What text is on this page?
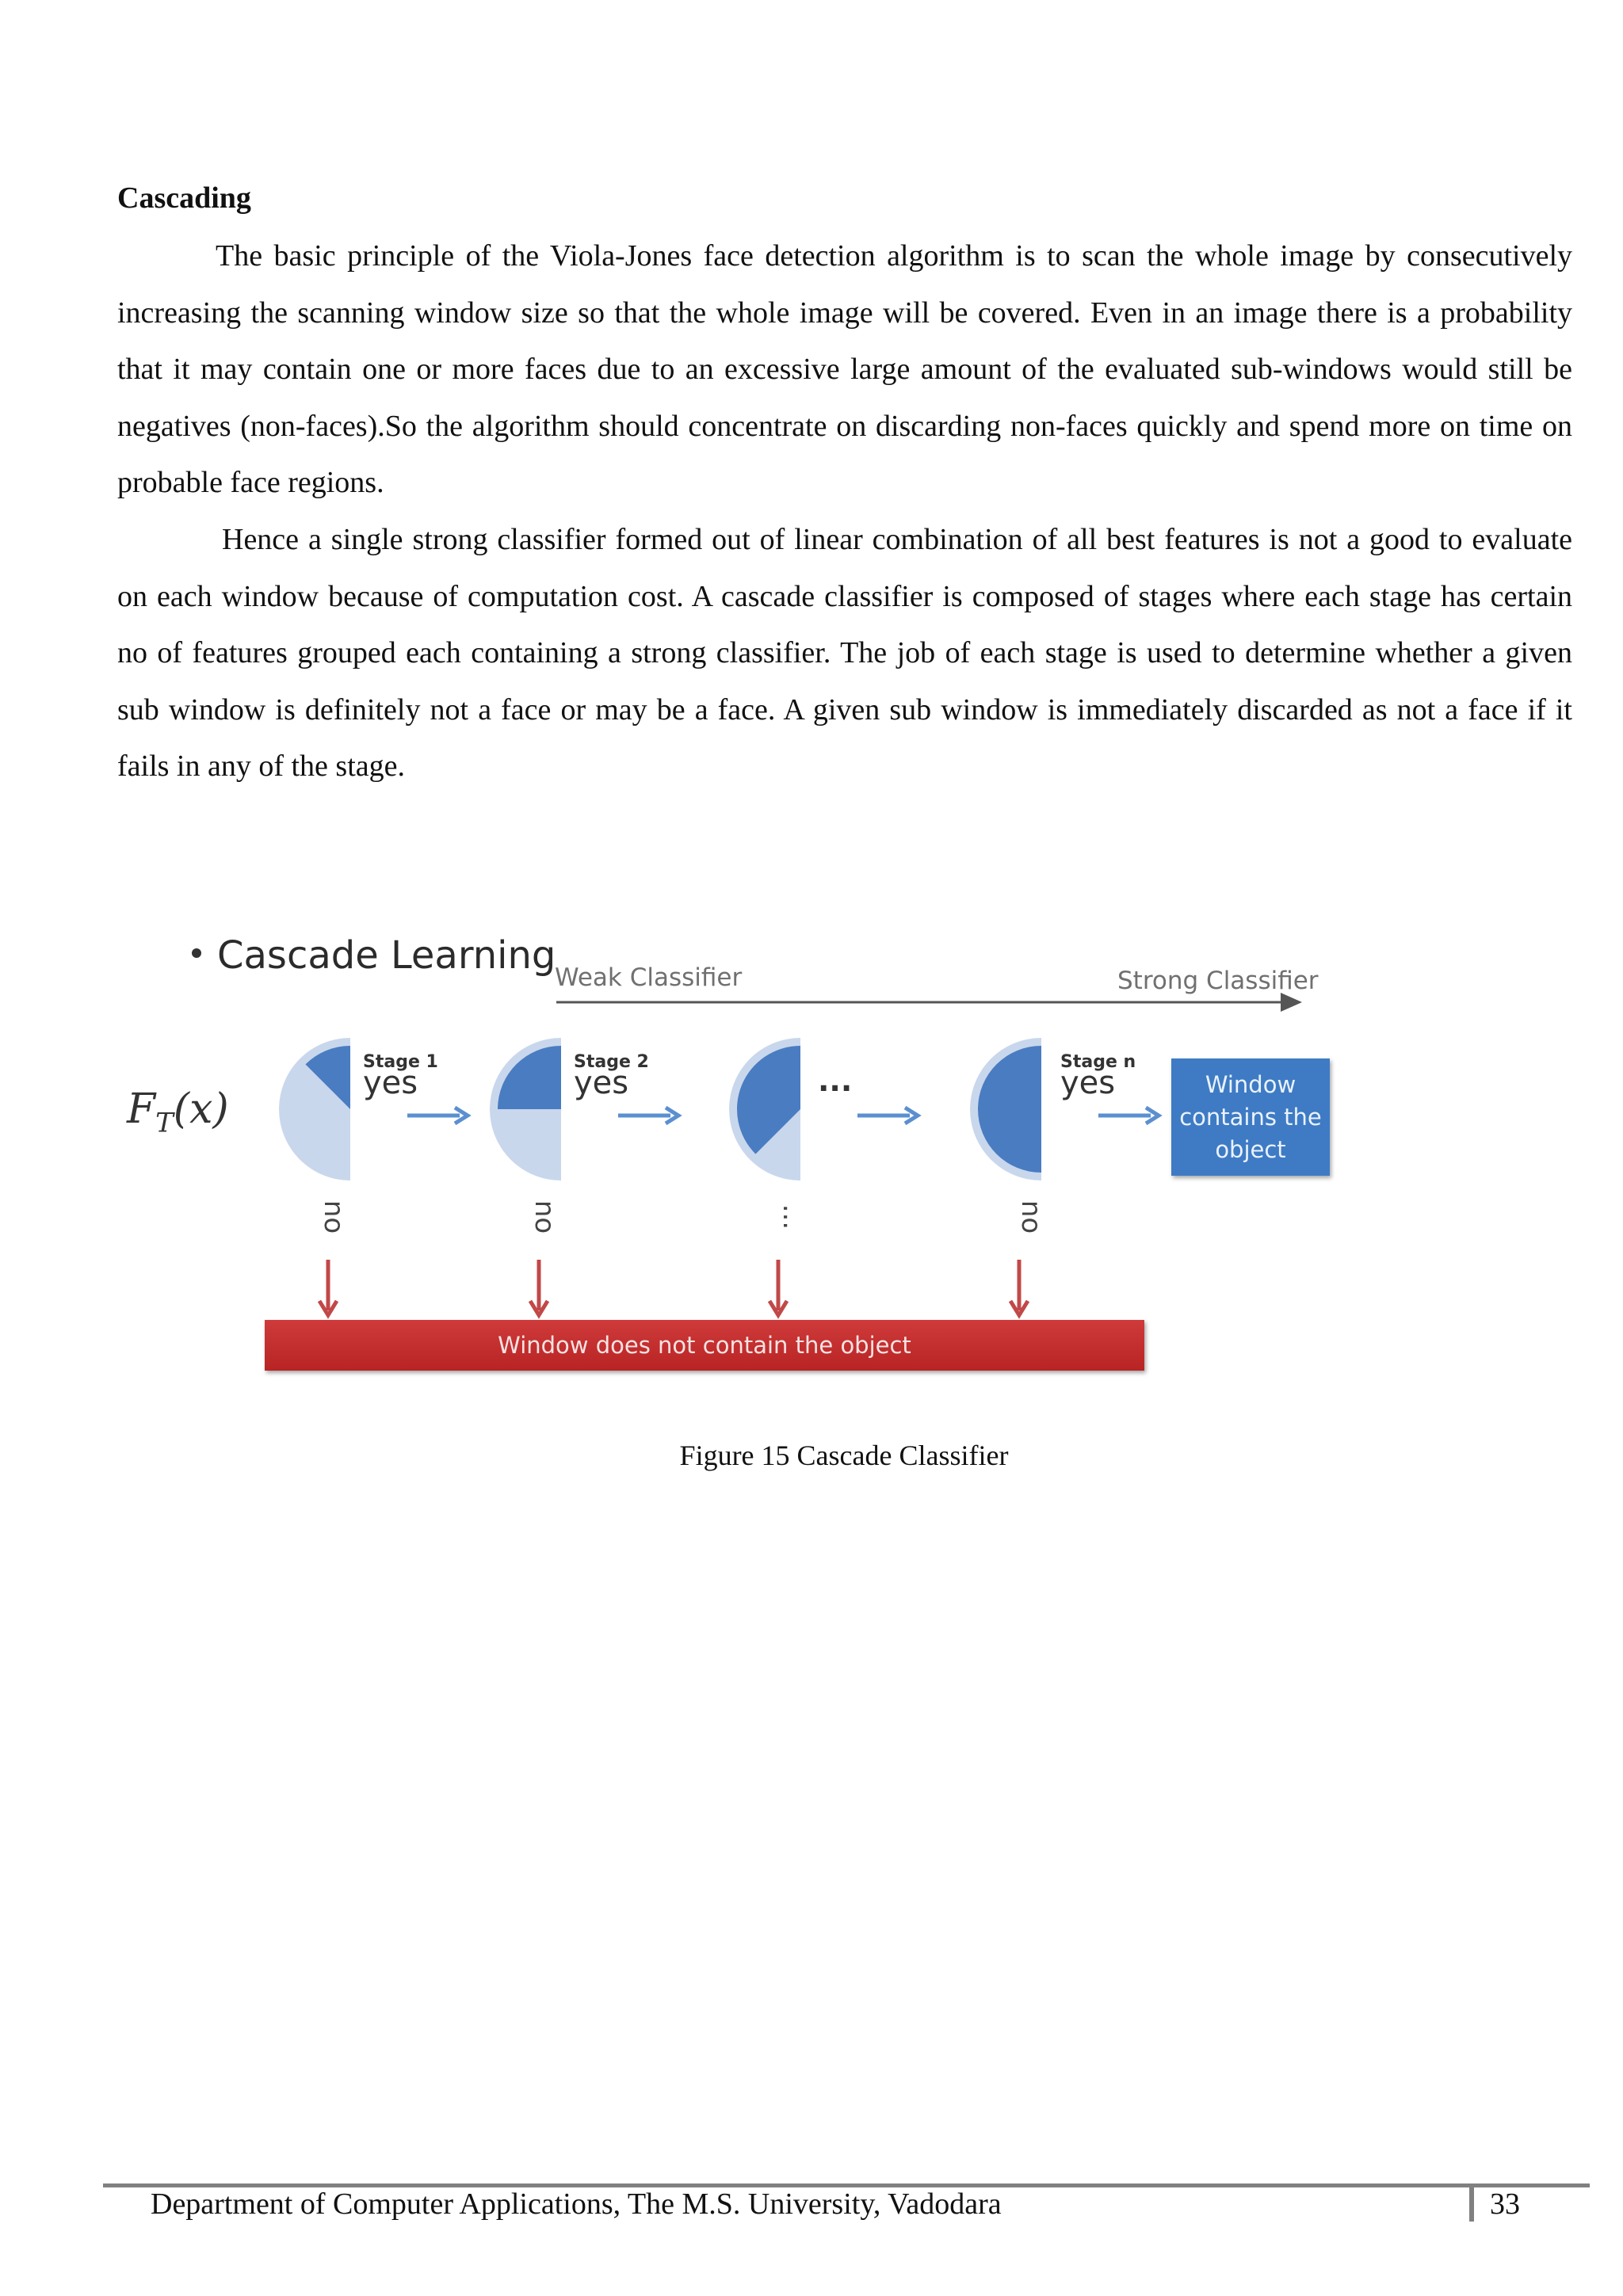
Cascading
The basic principle of the Viola-Jones face detection algorithm is to scan the whole image by consecutively increasing the scanning window size so that the whole image will be covered. Even in an image there is a probability that it may contain one or more faces due to an excessive large amount of the evaluated sub-windows would still be negatives (non-faces).So the algorithm should concentrate on discarding non-faces quickly and spend more on time on probable face regions.
Hence a single strong classifier formed out of linear combination of all best features is not a good to evaluate on each window because of computation cost. A cascade classifier is composed of stages where each stage has certain no of features grouped each containing a strong classifier. The job of each stage is used to determine whether a given sub window is definitely not a face or may be a face. A given sub window is immediately discarded as not a face if it fails in any of the stage.
Cascade Learning
Weak Classifier	Strong Classifier
$F_T(x)$
Stage 1
yes
Stage 2
yes	...
Stage n
yes
no	no	...	no
Window contains the object
Window does not contain the object
Figure 15 Cascade Classifier
Department of Computer Applications, The M.S. University, Vadodara	33
